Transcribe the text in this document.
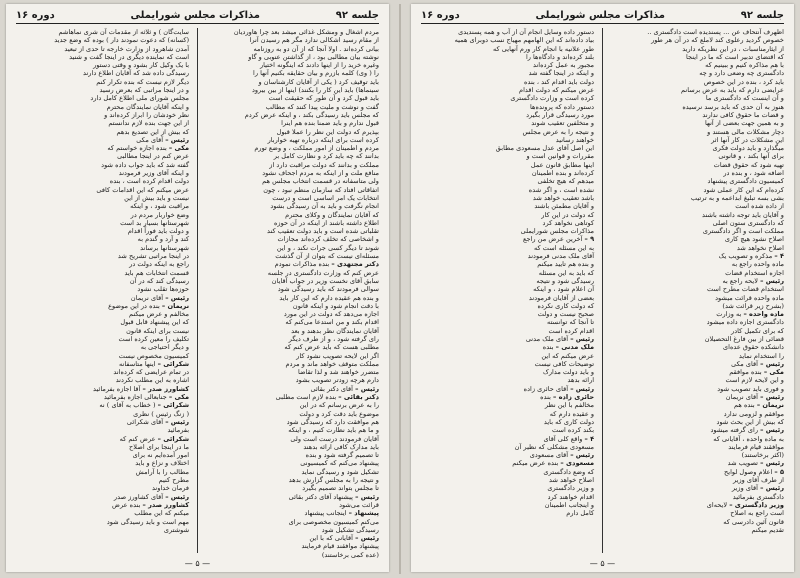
جلسه ۹۲
مذاکرات مجلس شورایملی
دوره ۱۶
مردم اشغال و ومشکل غذائی میشد بعد چرا هاوردیان
از مقام رسید اشکالی ندارد مگر هم رسیدن آنرا
بیانی کرده‌اند . اولا آنجا که از آن دو به روزنامه
نوشته بیان مطالبی بود ، از گذاشتن عنوبی و گاو
وغیره خرید را از اینها دادند که اینگونه اختیار
را ( وی) کلمه بازرم و بیان حقایقه بکنیم آنها را
باید توقیف کرد ( یکی از آقایان کارشناسان و
سینماها) باید این کار را بکنند) اینها از بین بیرود
باید قبول کرد و آن طور که حقیقت است
گفت و نوشت و ملیت پیدا کنند که مطالب
که مجلس باید رسیدگی بکند ، و اینکه عرض کردم
قبول ندارم و باید ضمنا بنده هم اینرا
بپذیرم که دولت این نظر را عملا قبول
کرده است برای اینکه درباره تهیه خواربار
مردم و اطمینان از امور مملکت ، و وضع تورم
بدانند که چه باید کرد و نظارت کامل بر
مملکت و بدانند که دولت مراقبت دارد از
منافع ملت و از اینکه به مردم اجحاف نشود
ولی متاسفانه در قسمت انتخاب مجلس هم
اتفاقاتی افتاد که سازمان منظم نبود ، چون
انتخابات یک امر اساسی است و درست
انجام نگرفت و باید به آن رسیدگی بشود
که آقایان نمایندگان و وکلای محترم
اطلاع داشته باشند از اینکه در آن حوزه
تقلباتی شده است و باید دولت تعقیب کند
و اشخاصی که تخلف کرده‌اند مجازات
شوند تا دیگر کسی جرات نکند ، و این
مسئله‌ای نیست که بتوان از آن گذشت
دکتر مجتهدی – بنده مذاکرات نمودم
عرض کنم که وزارت دادگستری در جلسه
سابق آقای نخست وزیر در جواب آقایان
سوالی فرمودند که باید رسیدگی شود
و بنده هم عقیده دارم که این کار باید
با دقت انجام شود و اینکه قانون
اجازه می‌دهد که دولت در این مورد
اقدام بکند و من استدعا می‌کنم که
آقایان نمایندگان نظر بدهند و بعد
رای گرفته شود ، و از طرف دیگر
مطلبی هست که باید عرض کنم که
اگر این لایحه تصویب نشود کار
مملکت متوقف خواهد ماند و مردم
متضرر خواهند شد و لذا تقاضا
دارم هرچه زودتر تصویب بشود
رئیس – آقای دکتر بقائی
دکتر بقائی – بنده لازم است مطلبی
را به عرض برسانم که در این
موضوع باید دقت کرد و دولت
هم موافقت دارد که رسیدگی شود
و ما هم باید نظارت کنیم ، و اینکه
آقایان فرمودند درست است ولی
باید مدارک کافی ارائه بدهند
تا تصمیم گرفته شود و بنده
پیشنهاد می‌کنم که کمیسیونی
تشکیل شود و رسیدگی نماید
و نتیجه را به مجلس گزارش بدهد
تا مجلس بتواند تصمیم بگیرد
رئیس – پیشنهاد آقای دکتر بقائی
قرائت می‌شود
پیشنهاد – اینجانب پیشنهاد
می‌کنم کمیسیون مخصوصی برای
رسیدگی تشکیل شود
رئیس – آقایانی که با این
پیشنهاد موافقند قیام فرمایند
(عده کمی برخاستند)
سایت‌گان ) و ثلاثه از مقدمات آن شری نماهاشم
(کسانه) که دعوت نمودند دار ) بوده که وضع جدید
آمدن شاهرود از وزارت خارجه تا حدی از تبعید
است که نماینده دیگری در اینجا گفت و شنید
با یک وکیل کار بشود و وقتی دستور
رسیدگی داده شد که آقایان اطلاع دارند
دیگر لازم نیست که بنده تکرار کنم
و در اینجا مراتبی که بعرض رسید
مجلس شورای ملی اطلاع کامل دارد
و اینکه آقایان نمایندگان محترم
نظر خودشان را ابراز کرده‌اند و
از این جهت بنده لازم ندانستم
که بیش از این تصدیع بدهم
رئیس – آقای مکی
مکی – بنده اجازه خواستم که
عرض کنم در اینجا مطالبی
گفته شد که باید جواب داده شود
و اینکه آقای وزیر فرمودند
دولت اقدام کرده است ، بنده
عرض میکنم که این اقدامات کافی
نیست و باید بیش از این
مراقبت شود ، و اینکه
وضع خواربار مردم در
شهرستانها بسیار بد است
و دولت باید فوراً اقدام
کند و آرد و گندم به
شهرستانها برساند
در اینجا مراتبی تشریح شد
راجع به اینکه دولت در
قسمت انتخابات هم باید
رسیدگی کند که در آن
حوزه‌ها تقلب نشود
رئیس – آقای نریمان
نریمان – بنده در این موضوع
مخالفم و عرض میکنم
که این پیشنهاد قابل قبول
نیست برای اینکه قانون
تکلیف را معین کرده است
و دیگر احتیاجی به
کمیسیون مخصوص نیست
شکرائی – اینها متاسفانه
در تمام عرایضی که کرده‌اند
اشاره به این مطلب نکردند
کشاورز صدر – آقا اجازه بفرمائید
مکی – جنابعالی اجازه بفرمائید
شکرائی – ( خطاب به آقای ) نه
( زنگ رئیس ) نظری
رئیس – آقای شکرائی
بفرمائید
شکرائی – عرض کنم که
ما در اینجا برای اصلاح
امور آمده‌ایم نه برای
اختلاف و نزاع و باید
مطالب را با آرامش
مطرح کنیم
فرمان خداوند
رئیس – آقای کشاورز صدر
کشاورز صدر – بنده عرض
میکنم که این مطلب
مهم است و باید رسیدگی شود
شوشتری
— ۵ —
جلسه ۹۲
مذاکرات مجلس شورایملی
دوره ۱۶
اظهرف آنتحاف عن ... پسندیده است دادگستری ..
خصوص گردید رعلوی کند لاملع که در آن هر طور
از ایثارمناسبات ، در این نظریکه دارید
که اقتضای تدبیر است که ما در اینجا
با هم مذاکره کنیم و ببینیم که
دادگستری چه وضعی دارد و چه
باید کرد ، بنده در این خصوص
عرایضی دارم که باید به عرض برسانم
و آن اینست که دادگستری ما
هنوز به آن حدی که باید برسد نرسیده
و قضات ما حقوق کافی ندارند
و به همین جهت بعضی از آنها
دچار مشکلات مالی هستند و
این مشکلات در کار آنها اثر
میگذارد و باید دولت فکری
برای آنها بکند ، و قانونی
تهیه شود که حقوق قضات
اضافه شود ، و بنده در
کمیسیون دادگستری پیشنهاد
کرده‌ام که این کار عملی شود
بشی بسه تبلیغ ابداعمه و به ترتیب
از داده شده است
و آقایان باید توجه داشته باشند
که دادگستری ستون اصلی
مملکت است و اگر دادگستری
اصلاح نشود هیچ کاری
اصلاح نخواهد شد
۴ – مذکره و تصویب یک
ماده واحده راجع به
اجازه استخدام قضات
رئیس – لایحه راجع به
استخدام قضات مطرح است
ماده واحده قرائت میشود
(بشرح زیر قرائت شد)
ماده واحده – به وزارت
دادگستری اجازه داده میشود
که برای تکمیل کادر
قضائی از بین فارغ التحصیلان
دانشکده حقوق عده‌ای
را استخدام نماید
رئیس – آقای مکی
مکی – بنده موافقم
و این لایحه لازم است
و فوری باید تصویب شود
رئیس – آقای نریمان
نریمان – بنده هم
موافقم و لزومی ندارد
که بیش از این بحث شود
رئیس – رای گرفته میشود
به ماده واحده ، آقایانی که
موافقند قیام فرمایند
(اکثر برخاستند)
رئیس – تصویب شد
۵ – اعلام وصول لوایح
از طرف آقای وزیر
رئیس – آقای وزیر
دادگستری بفرمائید
وزیر دادگستری – لایحه‌ای
است راجع به اصلاح
قانون آئین دادرسی که
تقدیم میکنم
دستور داده وسایل انجام آن از آب و همه پسندیدی
بیاد داده‌اند که این الهامهم مهیاج نسب دوبرای همیه
طور علانیه با انجام کار ورم آنهایی که
بلند کرده‌اند و دادگاه‌ها را
مجبور به عمل کرده‌اند
و اینکه در اینجا گفته شد
دولت باید اقدام کند ، بنده
عرض میکنم که دولت اقدام
کرده است و وزارت دادگستری
دستور داده که پرونده‌ها
مورد رسیدگی قرار بگیرد
و متخلفین تعقیب شوند
و نتیجه را به عرض مجلس
خواهند رسانید
این اصل آقای عدل مسعودی مطابق
مقررات و قوانین است و
اینها مطابق قانون عمل
کرده‌اند و بنده اطمینان
میدهم که هیچ تخلفی
نشده است ، و اگر شده
باشد تعقیب خواهد شد
و آقایان مطمئن باشند
که دولت در این کار
کوتاهی نخواهد کرد
مذاکرات مجلس شورایملی
۹ – آخرین عرض من راجع
به این مسئله است که
آقای ملک مدنی فرمودند
و بنده هم تایید میکنم
که باید به این مسئله
رسیدگی شود و نتیجه
آن اعلام شود ، و اینکه
بعضی از آقایان فرمودند
که دولت کاری نکرده
صحیح نیست و دولت
تا آنجا که توانسته
اقدام کرده است
رئیس – آقای ملک مدنی
ملک مدنی – بنده
عرض میکنم که این
توضیحات کافی نیست
و باید دولت مدارک
ارائه بدهد
رئیس – آقای حائری زاده
حائری زاده – بنده
مخالفم با این نظر
و عقیده دارم که
دولت کاری که باید
بکند کرده است
۴ – واقع کلی آقای
مسعودی مشکلی که نظیر آن
رئیس – آقای مسعودی
مسعودی – بنده عرض میکنم
که وضع دادگستری
اصلاح خواهد شد
و وزیر دادگستری
اقدام خواهند کرد
و اینجانب اطمینان
کامل دارم
— ۵ —
